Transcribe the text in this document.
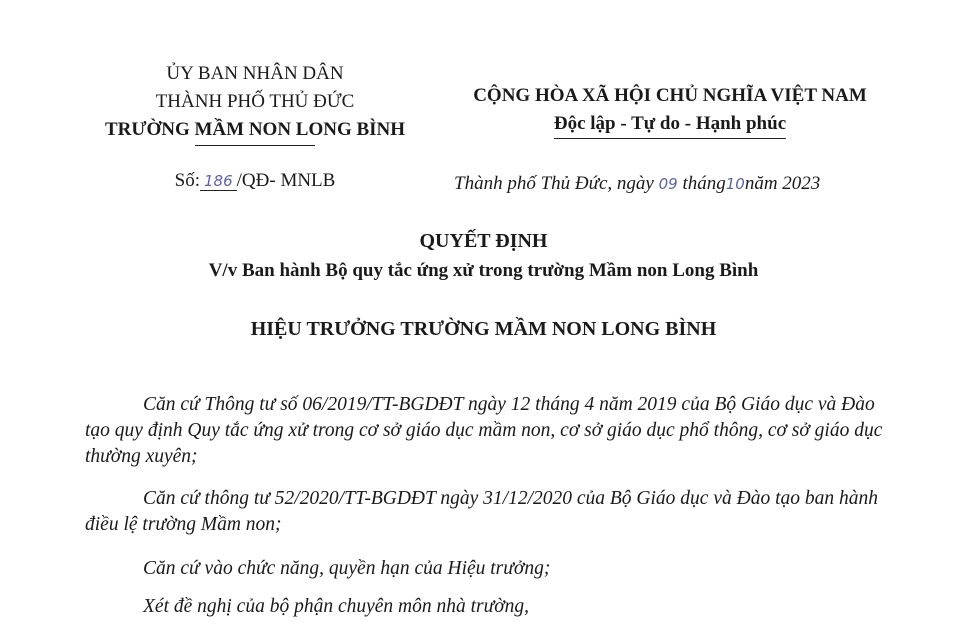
ỦY BAN NHÂN DÂN
THÀNH PHỐ THỦ ĐỨC
TRƯỜNG MẦM NON LONG BÌNH
Số: 186 /QĐ- MNLB
CỘNG HÒA XÃ HỘI CHỦ NGHĨA VIỆT NAM
Độc lập - Tự do - Hạnh phúc
Thành phố Thủ Đức, ngày 09 tháng10năm 2023
QUYẾT ĐỊNH
V/v Ban hành Bộ quy tắc ứng xử trong trường Mầm non Long Bình
HIỆU TRƯỞNG TRƯỜNG MẦM NON LONG BÌNH
Căn cứ Thông tư số 06/2019/TT-BGDĐT ngày 12 tháng 4 năm 2019 của Bộ Giáo dục và Đào tạo quy định Quy tắc ứng xử trong cơ sở giáo dục mầm non, cơ sở giáo dục phổ thông, cơ sở giáo dục thường xuyên;
Căn cứ thông tư 52/2020/TT-BGDĐT ngày 31/12/2020 của Bộ Giáo dục và Đào tạo ban hành điều lệ trường Mầm non;
Căn cứ vào chức năng, quyền hạn của Hiệu trưởng;
Xét đề nghị của bộ phận chuyên môn nhà trường,
